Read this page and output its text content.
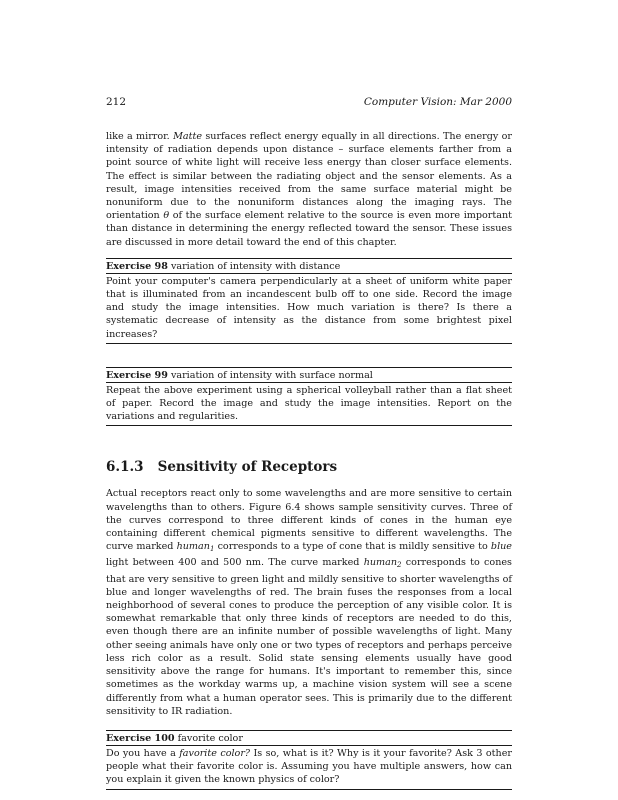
212	Computer Vision: Mar 2000

like a mirror. Matte surfaces reflect energy equally in all directions. The energy or intensity of radiation depends upon distance – surface elements farther from a point source of white light will receive less energy than closer surface elements. The effect is similar between the radiating object and the sensor elements. As a result, image intensities received from the same surface material might be nonuniform due to the nonuniform distances along the imaging rays. The orientation θ of the surface element relative to the source is even more important than distance in determining the energy reflected toward the sensor. These issues are discussed in more detail toward the end of this chapter.

Exercise 98 variation of intensity with distance
Point your computer's camera perpendicularly at a sheet of uniform white paper that is illuminated from an incandescent bulb off to one side. Record the image and study the image intensities. How much variation is there? Is there a systematic decrease of intensity as the distance from some brightest pixel increases?
Exercise 99 variation of intensity with surface normal
Repeat the above experiment using a spherical volleyball rather than a flat sheet of paper. Record the image and study the image intensities. Report on the variations and regularities.
6.1.3 Sensitivity of Receptors

Actual receptors react only to some wavelengths and are more sensitive to certain wavelengths than to others. Figure 6.4 shows sample sensitivity curves. Three of the curves correspond to three different kinds of cones in the human eye containing different chemical pigments sensitive to different wavelengths. The curve marked human$_1$ corresponds to a type of cone that is mildly sensitive to blue light between 400 and 500 nm. The curve marked human$_2$ corresponds to cones that are very sensitive to green light and mildly sensitive to shorter wavelengths of blue and longer wavelengths of red. The brain fuses the responses from a local neighborhood of several cones to produce the perception of any visible color. It is somewhat remarkable that only three kinds of receptors are needed to do this, even though there are an infinite number of possible wavelengths of light. Many other seeing animals have only one or two types of receptors and perhaps perceive less rich color as a result. Solid state sensing elements usually have good sensitivity above the range for humans. It's important to remember this, since sometimes as the workday warms up, a machine vision system will see a scene differently from what a human operator sees. This is primarily due to the different sensitivity to IR radiation.

Exercise 100 favorite color
Do you have a favorite color? Is so, what is it? Why is it your favorite? Ask 3 other people what their favorite color is. Assuming you have multiple answers, how can you explain it given the known physics of color?
